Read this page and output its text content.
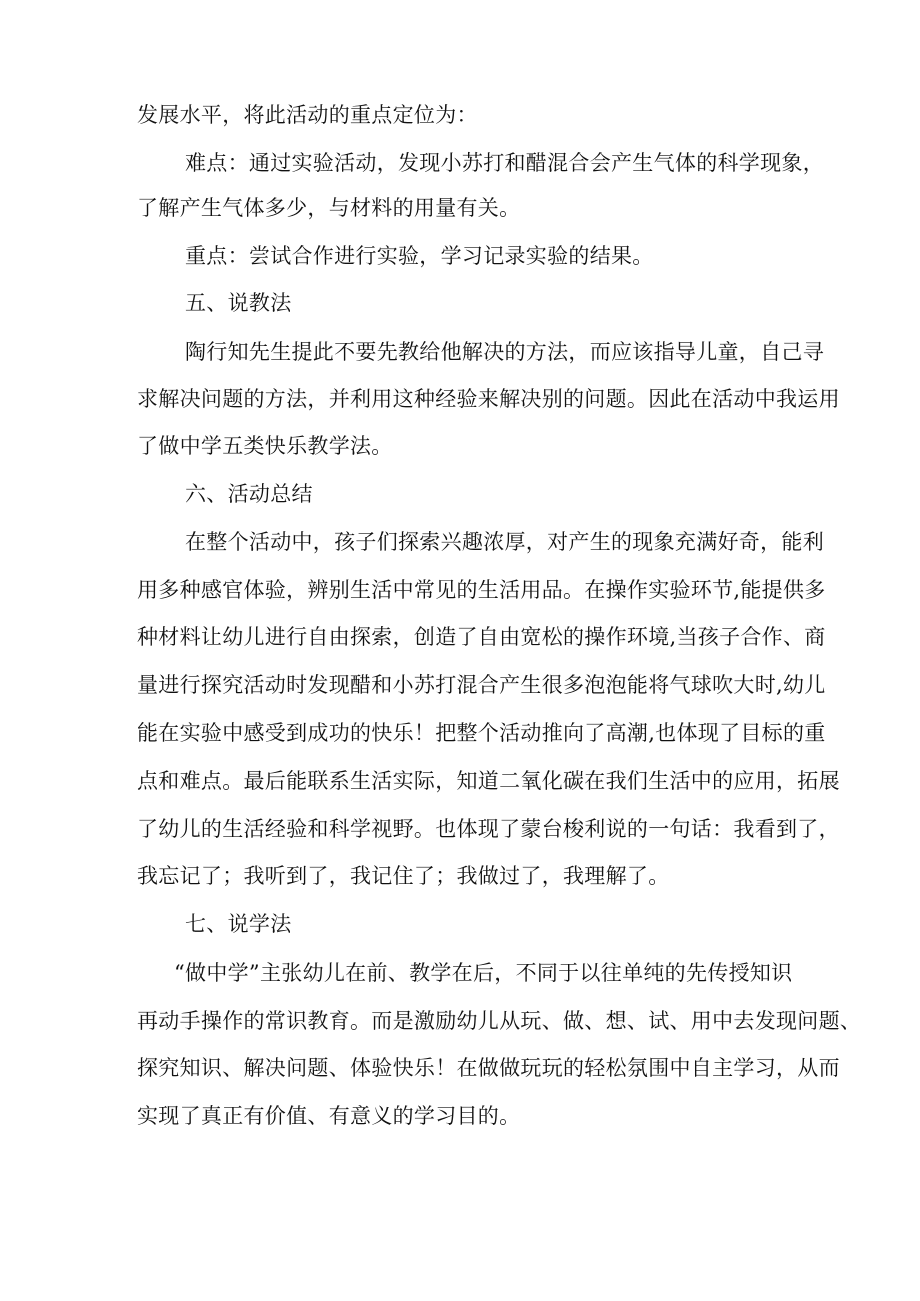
发展水平，将此活动的重点定位为：
难点：通过实验活动，发现小苏打和醋混合会产生气体的科学现象，
了解产生气体多少，与材料的用量有关。
重点：尝试合作进行实验，学习记录实验的结果。
五、说教法
陶行知先生提此不要先教给他解决的方法，而应该指导儿童，自己寻
求解决问题的方法，并利用这种经验来解决别的问题。因此在活动中我运用
了做中学五类快乐教学法。
六、活动总结
在整个活动中，孩子们探索兴趣浓厚，对产生的现象充满好奇，能利
用多种感官体验，辨别生活中常见的生活用品。在操作实验环节,能提供多
种材料让幼儿进行自由探索，创造了自由宽松的操作环境,当孩子合作、商
量进行探究活动时发现醋和小苏打混合产生很多泡泡能将气球吹大时,幼儿
能在实验中感受到成功的快乐！把整个活动推向了高潮,也体现了目标的重
点和难点。最后能联系生活实际，知道二氧化碳在我们生活中的应用，拓展
了幼儿的生活经验和科学视野。也体现了蒙台梭利说的一句话：我看到了，
我忘记了；我听到了，我记住了；我做过了，我理解了。
七、说学法
“做中学”主张幼儿在前、教学在后，不同于以往单纯的先传授知识
再动手操作的常识教育。而是激励幼儿从玩、做、想、试、用中去发现问题、
探究知识、解决问题、体验快乐！在做做玩玩的轻松氛围中自主学习，从而
实现了真正有价值、有意义的学习目的。
